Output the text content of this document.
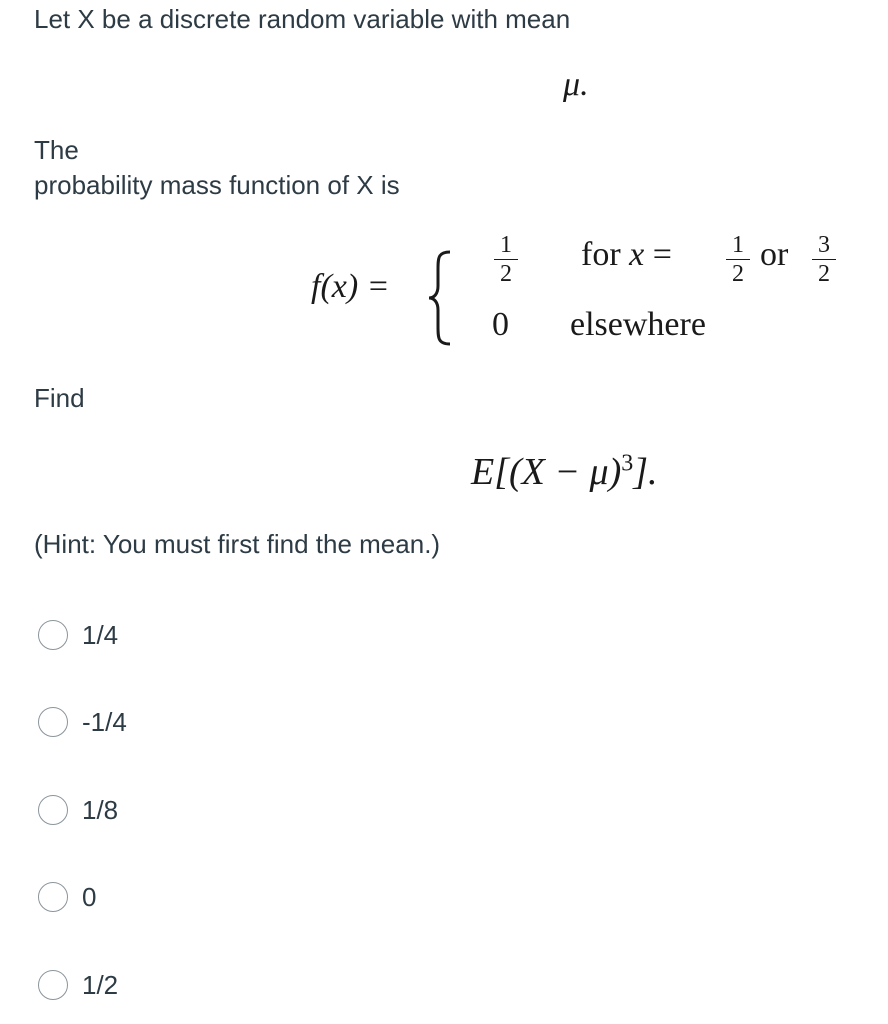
Let X be a discrete random variable with mean
μ.
The
probability mass function of X is
f(x) =
$\frac{1}{2}$ for $x = \frac{1}{2}$ or $\frac{3}{2}$
0 elsewhere
Find
$E[(X - \mu)^3]$.
(Hint: You must first find the mean.)
1/4
-1/4
1/8
0
1/2
